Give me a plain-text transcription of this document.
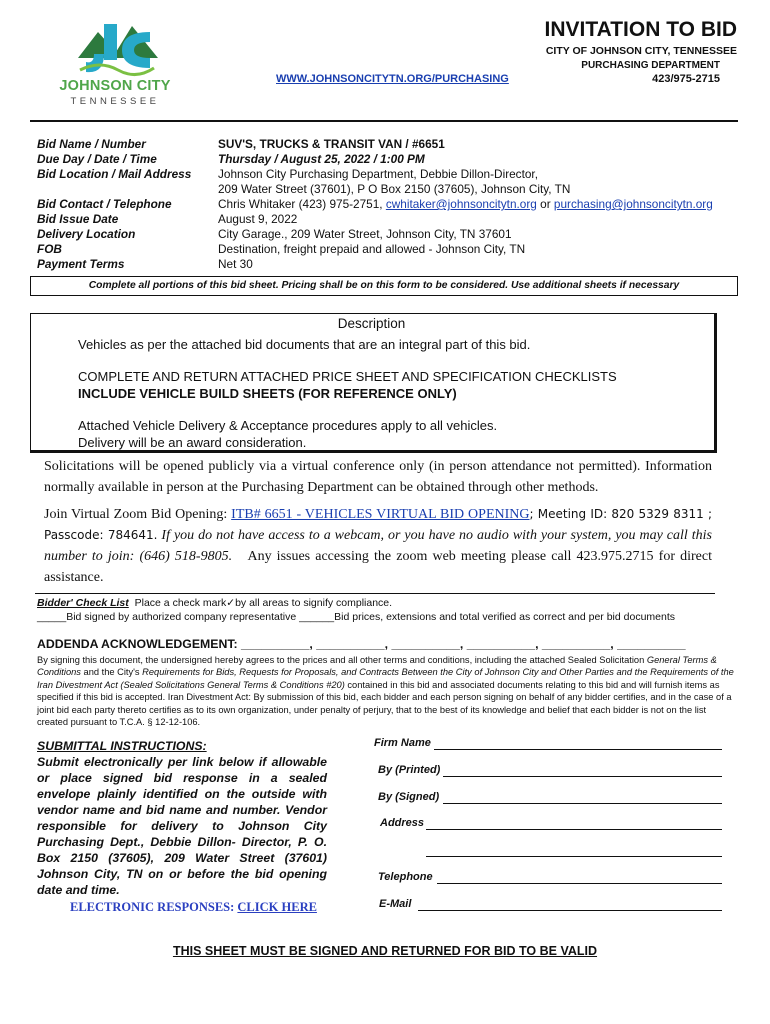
JOHNSON CITY
TENNESSEE
INVITATION TO BID
CITY OF JOHNSON CITY, TENNESSEE
PURCHASING DEPARTMENT
WWW.JOHNSONCITYTN.ORG/PURCHASING	423/975-2715
Bid Name / Number
Due Day / Date / Time
Bid Location / Mail Address

Bid Contact / Telephone
Bid Issue Date
Delivery Location
FOB
Payment Terms
SUV'S, TRUCKS & TRANSIT VAN / #6651
Thursday / August 25, 2022 / 1:00 PM
Johnson City Purchasing Department, Debbie Dillon-Director,
209 Water Street (37601), P O Box 2150 (37605), Johnson City, TN
Chris Whitaker (423) 975-2751, cwhitaker@johnsoncitytn.org or purchasing@johnsoncitytn.org
August 9, 2022
City Garage., 209 Water Street, Johnson City, TN 37601
Destination, freight prepaid and allowed - Johnson City, TN
Net 30
Complete all portions of this bid sheet. Pricing shall be on this form to be considered. Use additional sheets if necessary
Description
Vehicles as per the attached bid documents that are an integral part of this bid.
COMPLETE AND RETURN ATTACHED PRICE SHEET AND SPECIFICATION CHECKLISTS
INCLUDE VEHICLE BUILD SHEETS (FOR REFERENCE ONLY)
Attached Vehicle Delivery & Acceptance procedures apply to all vehicles.
Delivery will be an award consideration.
Solicitations will be opened publicly via a virtual conference only (in person attendance not permitted). Information normally available in person at the Purchasing Department can be obtained through other methods.
Join Virtual Zoom Bid Opening: ITB# 6651 - VEHICLES VIRTUAL BID OPENING; Meeting ID: 820 5329 8311 ; Passcode: 784641. If you do not have access to a webcam, or you have no audio with your system, you may call this number to join: (646) 518-9805. Any issues accessing the zoom web meeting please call 423.975.2715 for direct assistance.
Bidder' Check List Place a check mark✓by all areas to signify compliance.
_____Bid signed by authorized company representative ______Bid prices, extensions and total verified as correct and per bid documents
ADDENDA ACKNOWLEDGEMENT: __________, __________, __________, __________, __________, __________
By signing this document, the undersigned hereby agrees to the prices and all other terms and conditions, including the attached Sealed Solicitation General Terms & Conditions and the City's Requirements for Bids, Requests for Proposals, and Contracts Between the City of Johnson City and Other Parties and the Requirements of the Iran Divestment Act (Sealed Solicitations General Terms & Conditions #20) contained in this bid and associated documents relating to this bid and will furnish items as specified if this bid is accepted. Iran Divestment Act: By submission of this bid, each bidder and each person signing on behalf of any bidder certifies, and in the case of a joint bid each party thereto certifies as to its own organization, under penalty of perjury, that to the best of its knowledge and belief that each bidder is not on the list created pursuant to T.C.A. § 12-12-106.
SUBMITTAL INSTRUCTIONS:
Submit electronically per link below if allowable or place signed bid response in a sealed envelope plainly identified on the outside with vendor name and bid name and number. Vendor responsible for delivery to Johnson City Purchasing Dept., Debbie Dillon- Director, P. O. Box 2150 (37605), 209 Water Street (37601) Johnson City, TN on or before the bid opening date and time.
ELECTRONIC RESPONSES: CLICK HERE
Firm Name
By (Printed)
By (Signed)
Address
Telephone
E-Mail
THIS SHEET MUST BE SIGNED AND RETURNED FOR BID TO BE VALID
